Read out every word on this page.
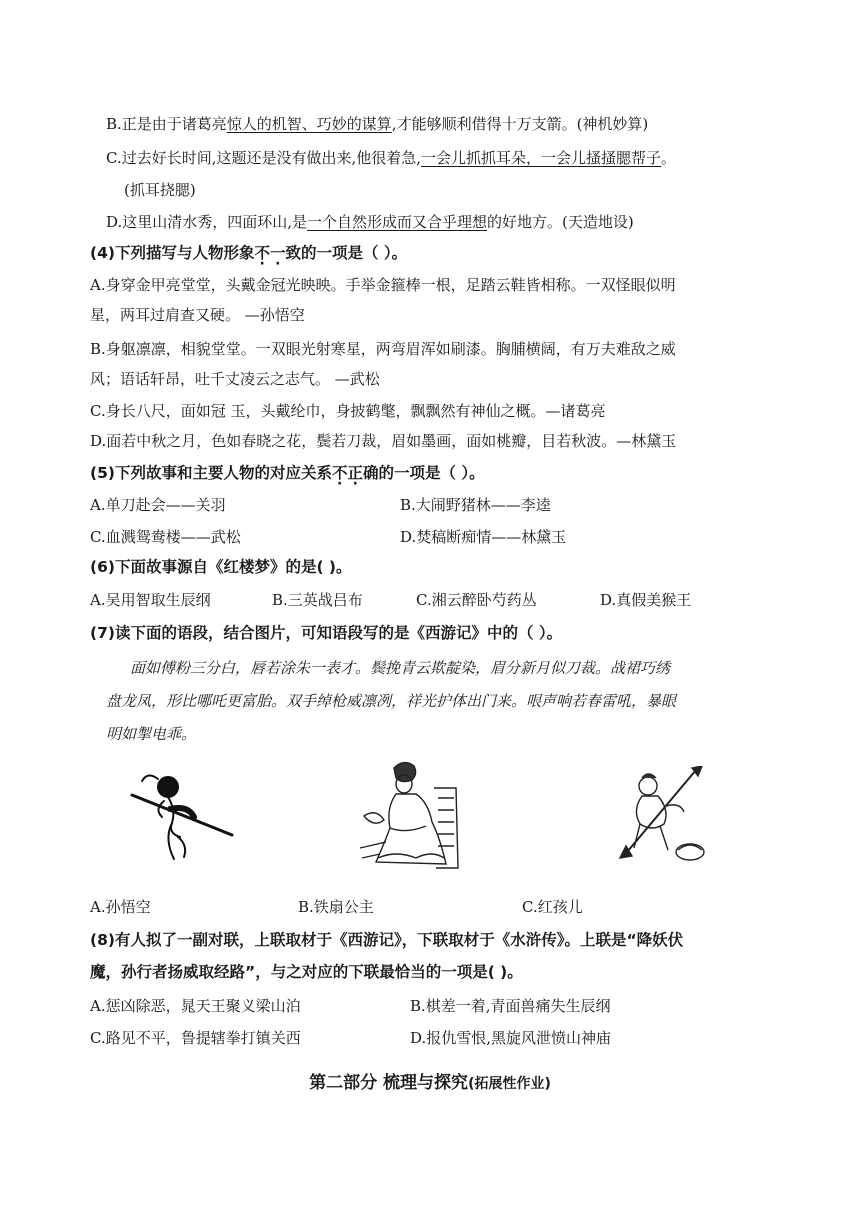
B.正是由于诸葛亮惊人的机智、巧妙的谋算,才能够顺利借得十万支箭。(神机妙算)
C.过去好长时间,这题还是没有做出来,他很着急,一会儿抓抓耳朵，一会儿搔搔腮帮子。
(抓耳挠腮)
D.这里山清水秀，四面环山,是一个自然形成而又合乎理想的好地方。(天造地设)
(4)下列描写与人物形象不一致的一项是（ ）。
A.身穿金甲亮堂堂，头戴金冠光映映。手举金箍棒一根，足踏云鞋皆相称。一双怪眼似明
星，两耳过肩查又硬。 —孙悟空
B.身躯凛凛，相貌堂堂。一双眼光射寒星，两弯眉浑如刷漆。胸脯横阔，有万夫难敌之威
风；语话轩昂，吐千丈凌云之志气。 —武松
C.身长八尺，面如冠 玉，头戴纶巾，身披鹤氅，飘飘然有神仙之概。—诸葛亮
D.面若中秋之月，色如春晓之花，鬓若刀裁，眉如墨画，面如桃瓣，目若秋波。—林黛玉
(5)下列故事和主要人物的对应关系不正确的一项是（ ）。
A.单刀赴会——关羽	B.大闹野猪林——李逵
C.血溅鸳鸯楼——武松	D.焚稿断痴情——林黛玉
(6)下面故事源自《红楼梦》的是( )。
A.吴用智取生辰纲	B.三英战吕布	C.湘云醉卧芍药丛	D.真假美猴王
(7)读下面的语段，结合图片，可知语段写的是《西游记》中的（ ）。
面如傅粉三分白，唇若涂朱一表才。鬓挽青云欺靛染，眉分新月似刀裁。战裙巧绣
盘龙凤，形比哪吒更富胎。双手绰枪威凛冽，祥光护体出门来。哏声响若春雷吼，暴眼
明如掣电乖。
A.孙悟空	B.铁扇公主	C.红孩儿
(8)有人拟了一副对联，上联取材于《西游记》，下联取材于《水浒传》。上联是“降妖伏
魔，孙行者扬威取经路”，与之对应的下联最恰当的一项是( )。
A.惩凶除恶，晁天王聚义梁山泊	B.棋差一着,青面兽痛失生辰纲
C.路见不平，鲁提辖拳打镇关西	D.报仇雪恨,黑旋风泄愤山神庙
第二部分 梳理与探究(拓展性作业)
